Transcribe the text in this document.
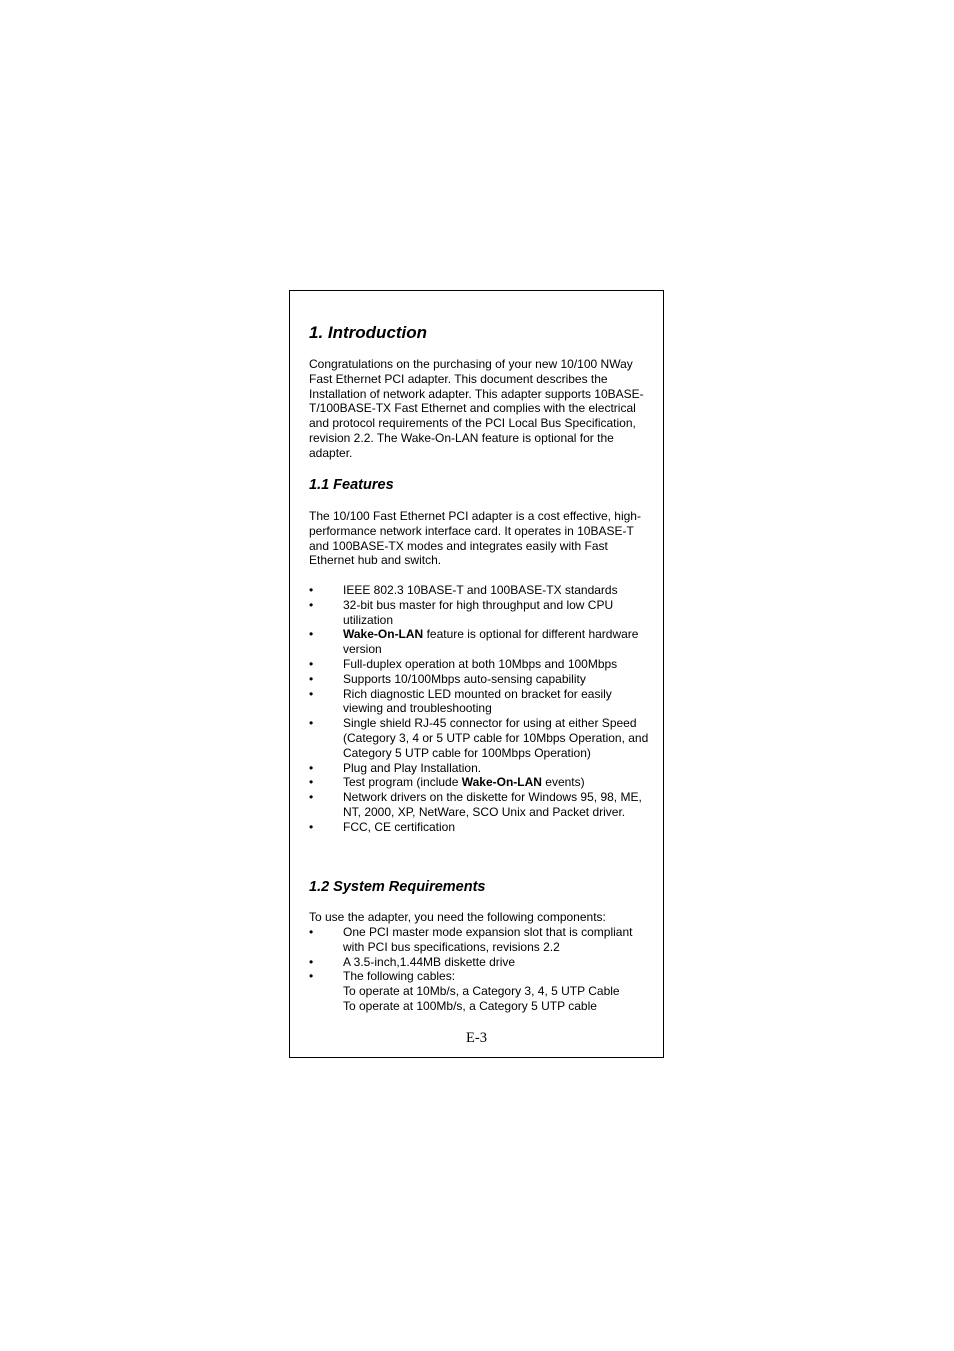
1. Introduction

Congratulations on the purchasing of your new 10/100 NWay Fast Ethernet PCI adapter. This document describes the Installation of network adapter. This adapter supports 10BASE-T/100BASE-TX Fast Ethernet and complies with the electrical and protocol requirements of the PCI Local Bus Specification, revision 2.2. The Wake-On-LAN feature is optional for the adapter.

1.1 Features

The 10/100 Fast Ethernet PCI adapter is a cost effective, high-performance network interface card. It operates in 10BASE-T and 100BASE-TX modes and integrates easily with Fast Ethernet hub and switch.

• IEEE 802.3 10BASE-T and 100BASE-TX standards
• 32-bit bus master for high throughput and low CPU utilization
• Wake-On-LAN feature is optional for different hardware version
• Full-duplex operation at both 10Mbps and 100Mbps
• Supports 10/100Mbps auto-sensing capability
• Rich diagnostic LED mounted on bracket for easily viewing and troubleshooting
• Single shield RJ-45 connector for using at either Speed (Category 3, 4 or 5 UTP cable for 10Mbps Operation, and Category 5 UTP cable for 100Mbps Operation)
• Plug and Play Installation.
• Test program (include Wake-On-LAN events)
• Network drivers on the diskette for Windows 95, 98, ME, NT, 2000, XP, NetWare, SCO Unix and Packet driver.
• FCC, CE certification
1.2 System Requirements

To use the adapter, you need the following components:

• One PCI master mode expansion slot that is compliant with PCI bus specifications, revisions 2.2
• A 3.5-inch,1.44MB diskette drive
• The following cables:
To operate at 10Mb/s, a Category 3, 4, 5 UTP Cable
To operate at 100Mb/s, a Category 5 UTP cable
E-3
